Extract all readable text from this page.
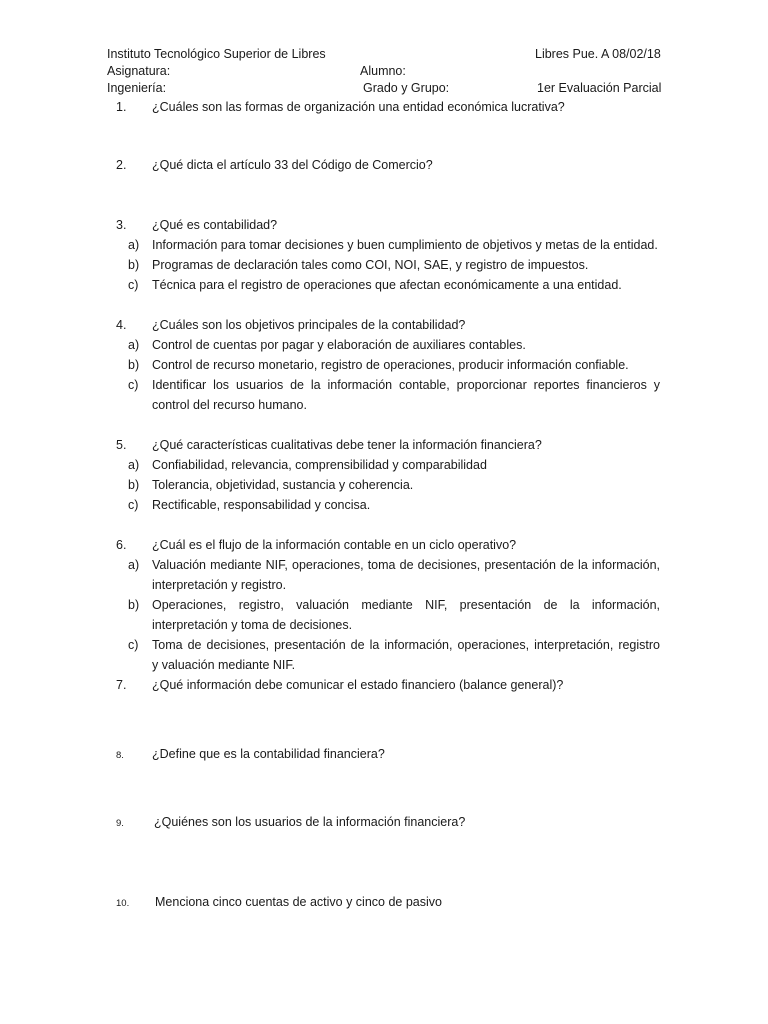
Instituto Tecnológico Superior de Libres	Libres Pue. A 08/02/18
Asignatura:	Alumno:
Ingeniería:	Grado y Grupo:	1er Evaluación Parcial
1.	¿Cuáles son las formas de organización una entidad económica lucrativa?
2.	¿Qué dicta el artículo 33 del Código de Comercio?
3.	¿Qué es contabilidad?
a) Información para tomar decisiones y buen cumplimiento de objetivos y metas de la entidad.
b) Programas de declaración tales como COI, NOI, SAE, y registro de impuestos.
c) Técnica para el registro de operaciones que afectan económicamente a una entidad.
4.	¿Cuáles son los objetivos principales de la contabilidad?
a) Control de cuentas por pagar y elaboración de auxiliares contables.
b) Control de recurso monetario, registro de operaciones, producir información confiable.
c) Identificar los usuarios de la información contable, proporcionar reportes financieros y
control del recurso humano.
5.	¿Qué características cualitativas debe tener la información financiera?
a) Confiabilidad, relevancia, comprensibilidad y comparabilidad
b) Tolerancia, objetividad, sustancia y coherencia.
c) Rectificable, responsabilidad y concisa.
6.	¿Cuál es el flujo de la información contable en un ciclo operativo?
a) Valuación mediante NIF, operaciones, toma de decisiones, presentación de la información,
interpretación y registro.
b) Operaciones, registro, valuación mediante NIF, presentación de la información,
interpretación y toma de decisiones.
c) Toma de decisiones, presentación de la información, operaciones, interpretación, registro
y valuación mediante NIF.
7.	¿Qué información debe comunicar el estado financiero (balance general)?
8.	¿Define que es la contabilidad financiera?
9.	¿Quiénes son los usuarios de la información financiera?
10.	Menciona cinco cuentas de activo y cinco de pasivo
